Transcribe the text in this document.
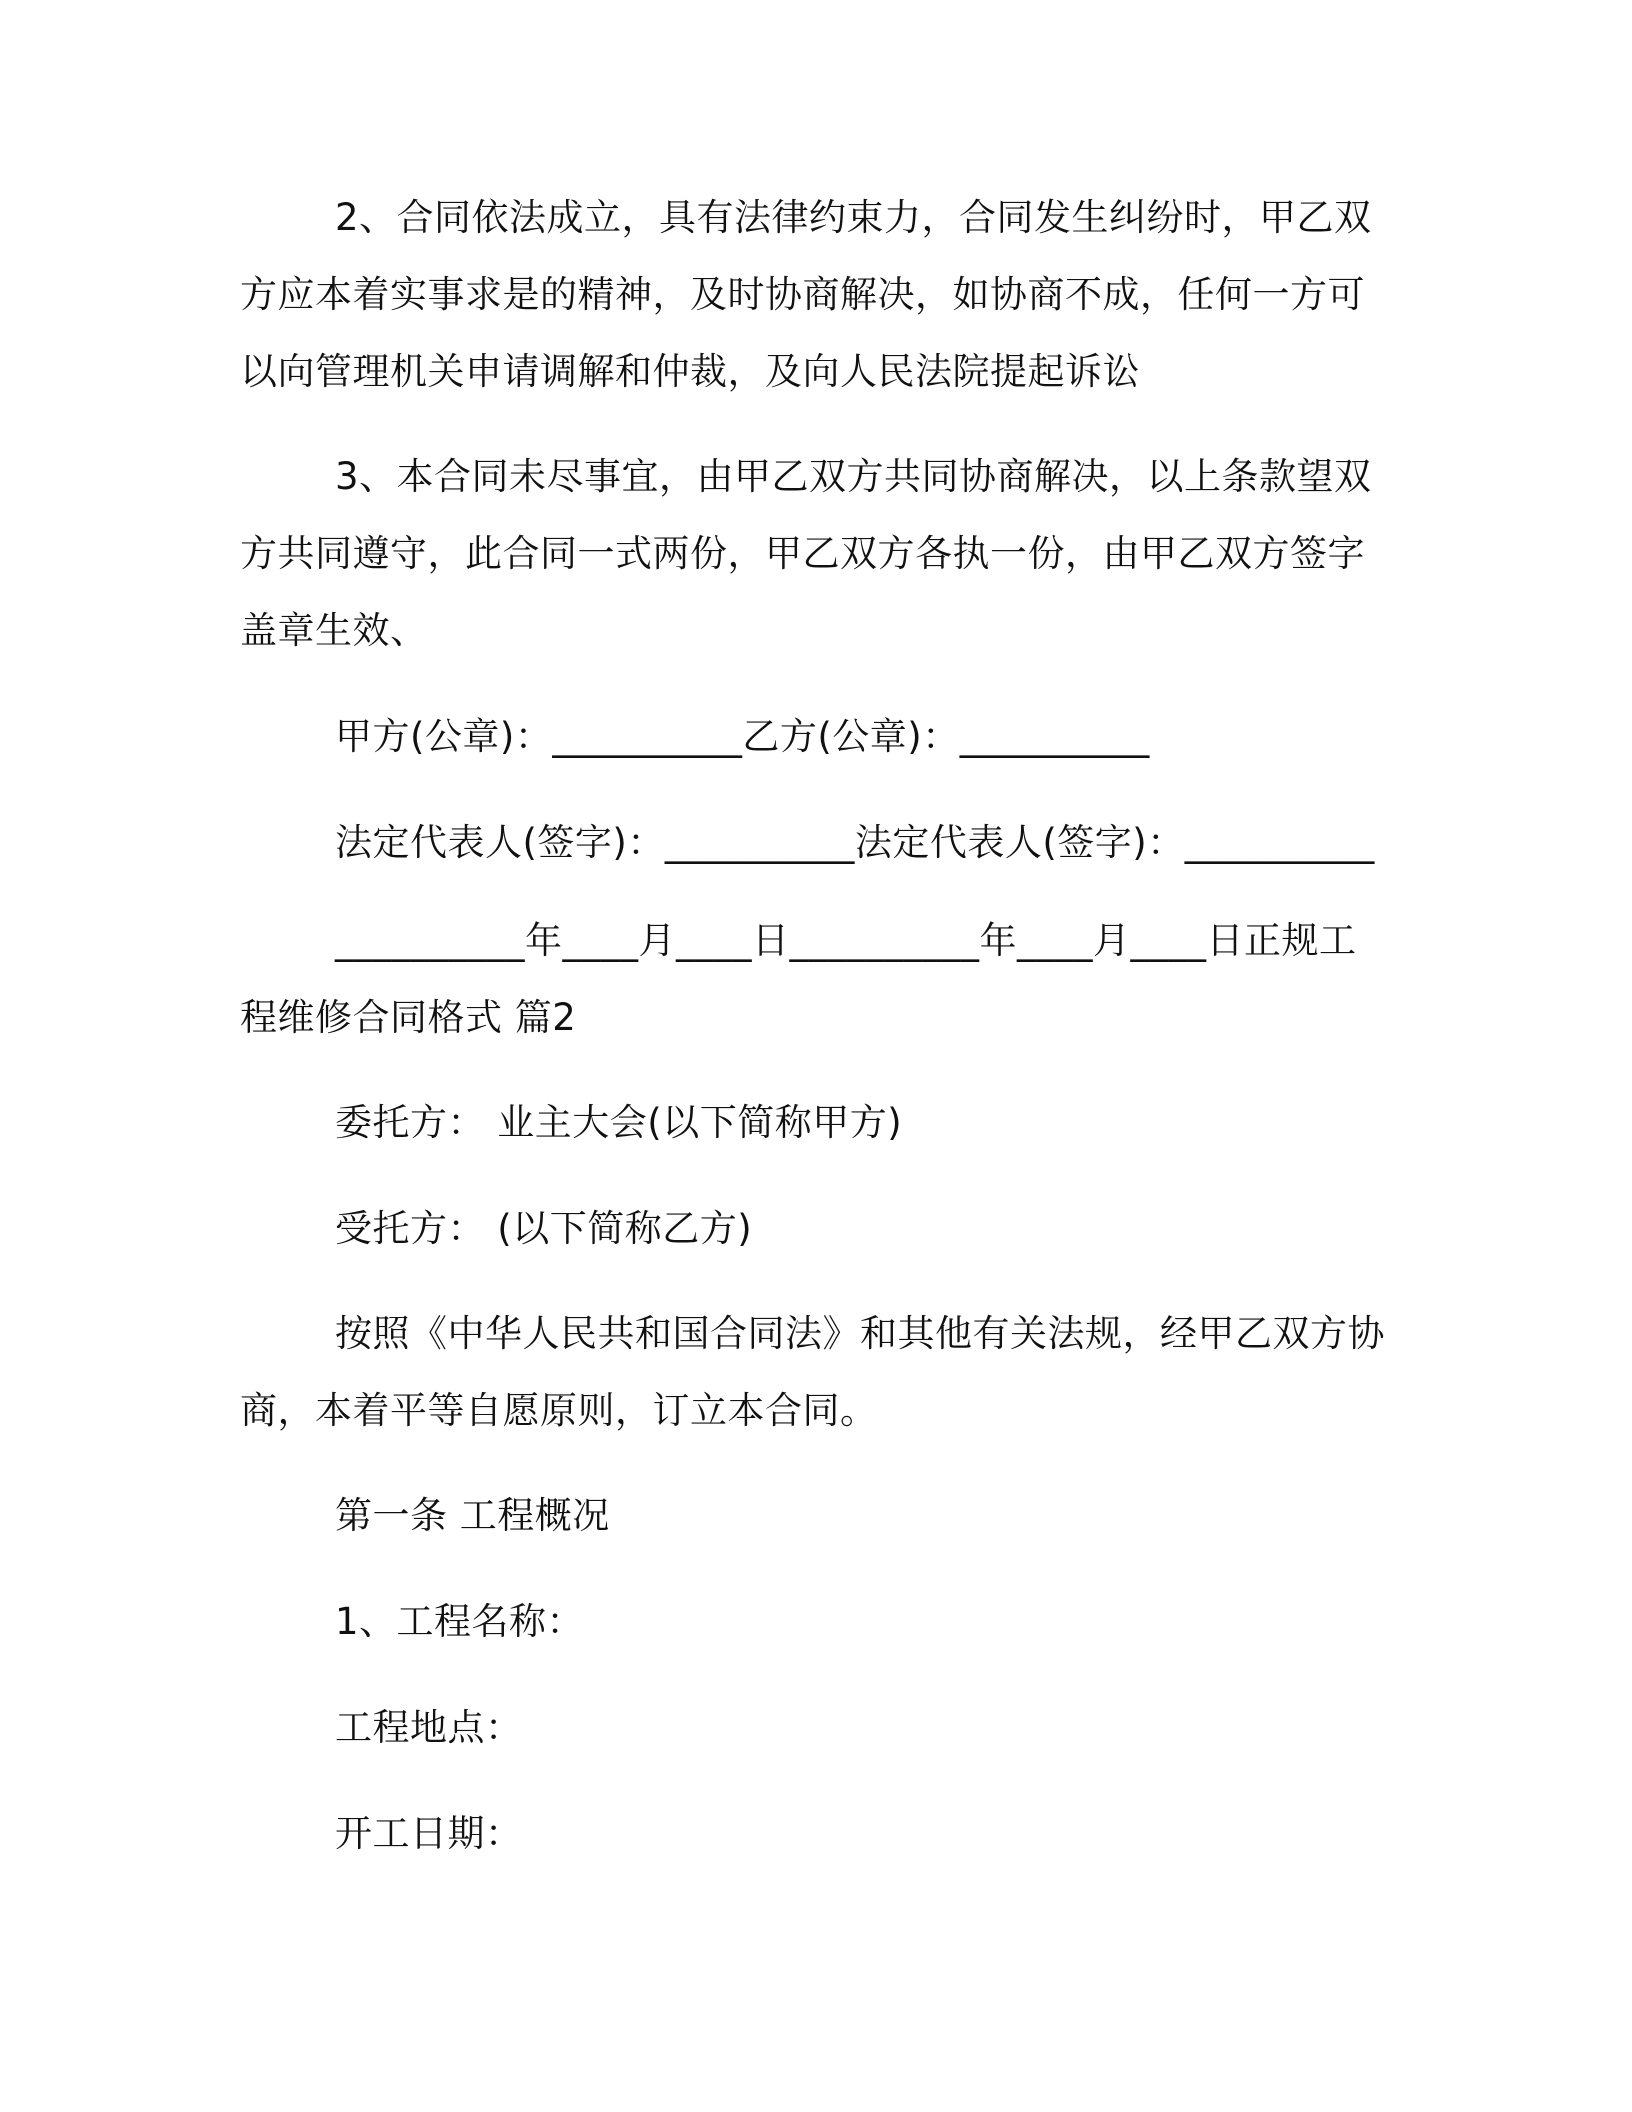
2、合同依法成立，具有法律约束力，合同发生纠纷时，甲乙双
方应本着实事求是的精神，及时协商解决，如协商不成，任何一方可
以向管理机关申请调解和仲裁，及向人民法院提起诉讼
3、本合同未尽事宜，由甲乙双方共同协商解决，以上条款望双
方共同遵守，此合同一式两份，甲乙双方各执一份，由甲乙双方签字
盖章生效、
甲方(公章)：__________乙方(公章)：__________
法定代表人(签字)：__________法定代表人(签字)：__________
__________年____月____日__________年____月____日正规工
程维修合同格式 篇2
委托方： 业主大会(以下简称甲方)
受托方： (以下简称乙方)
按照《中华人民共和国合同法》和其他有关法规，经甲乙双方协
商，本着平等自愿原则，订立本合同。
第一条 工程概况
1、工程名称：
工程地点：
开工日期：
